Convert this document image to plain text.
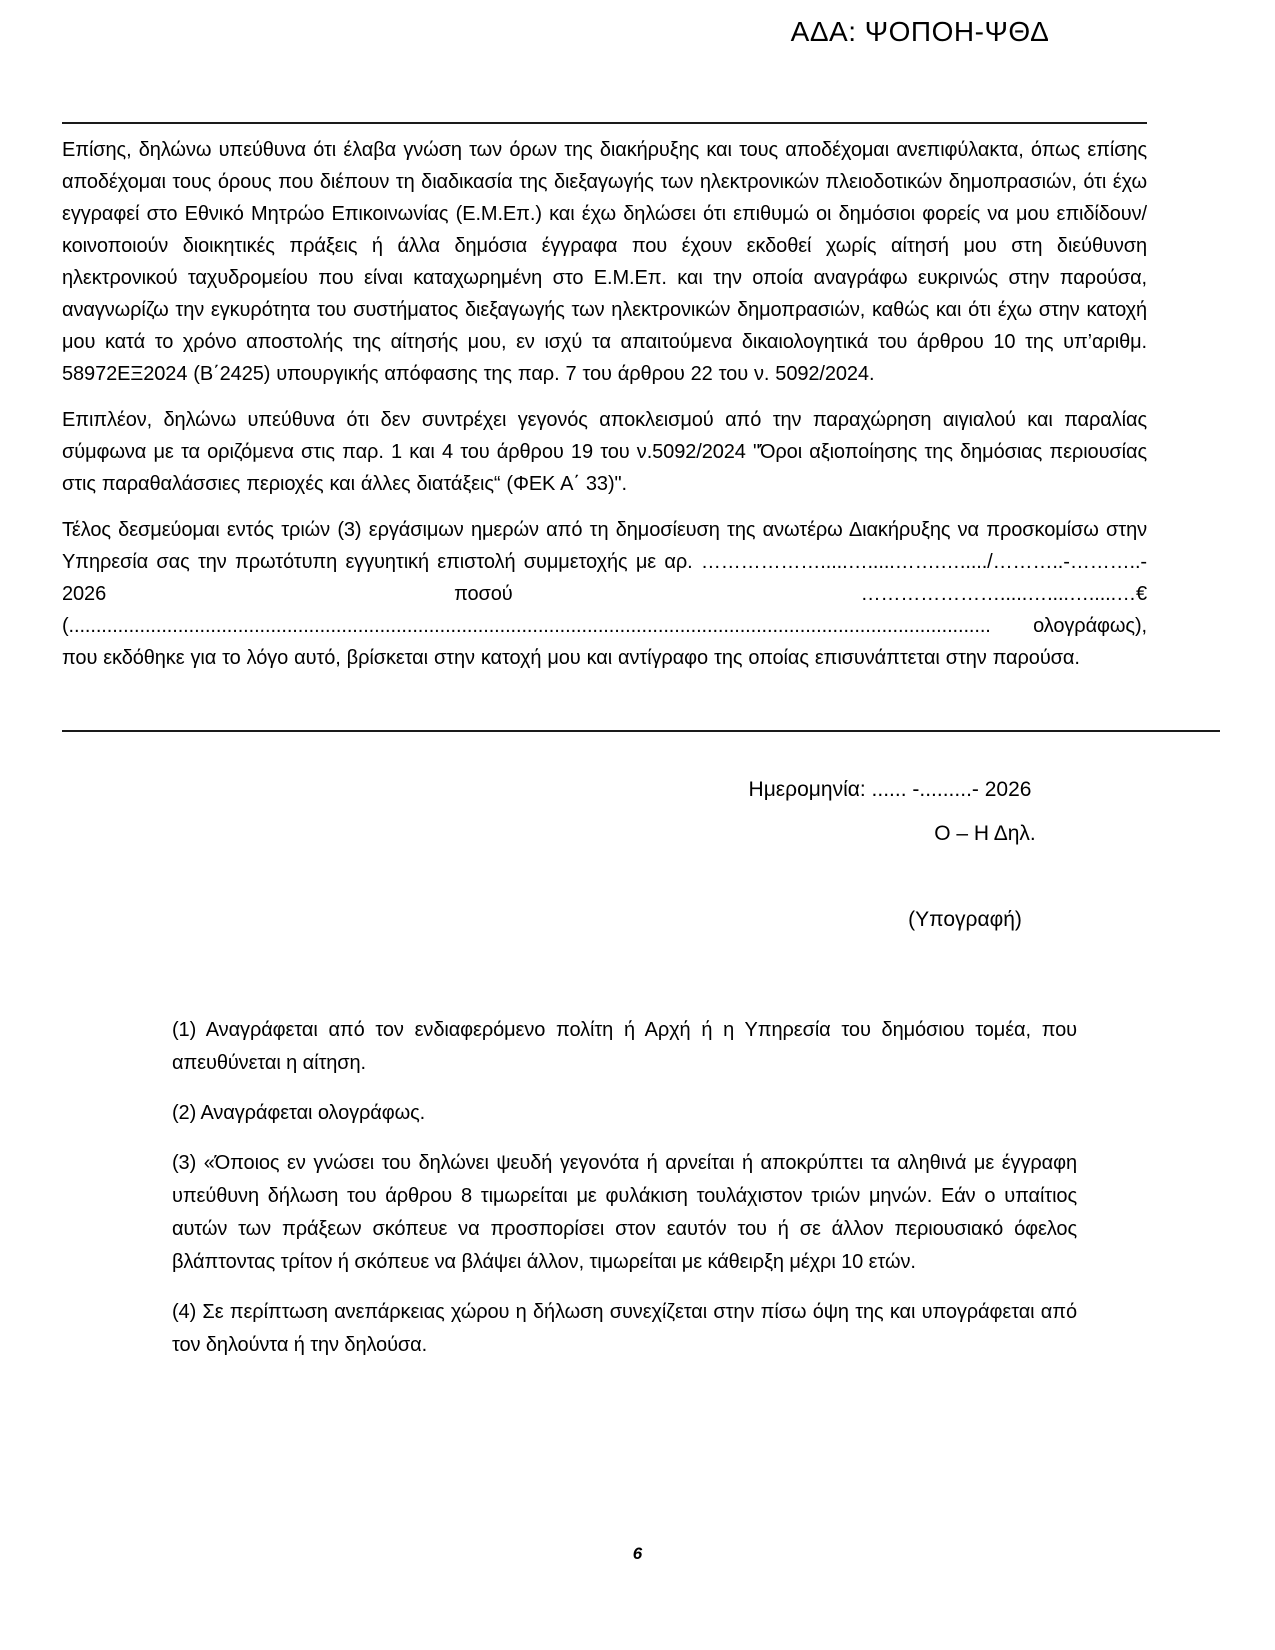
ΑΔΑ: ΨΟΠΟΗ-ΨΘΔ

Επίσης, δηλώνω υπεύθυνα ότι έλαβα γνώση των όρων της διακήρυξης και τους αποδέχομαι ανεπιφύλακτα, όπως επίσης αποδέχομαι τους όρους που διέπουν τη διαδικασία της διεξαγωγής των ηλεκτρονικών πλειοδοτικών δημοπρασιών, ότι έχω εγγραφεί στο Εθνικό Μητρώο Επικοινωνίας (Ε.Μ.Επ.) και έχω δηλώσει ότι επιθυμώ οι δημόσιοι φορείς να μου επιδίδουν/κοινοποιούν διοικητικές πράξεις ή άλλα δημόσια έγγραφα που έχουν εκδοθεί χωρίς αίτησή μου στη διεύθυνση ηλεκτρονικού ταχυδρομείου που είναι καταχωρημένη στο Ε.Μ.Επ. και την οποία αναγράφω ευκρινώς στην παρούσα, αναγνωρίζω την εγκυρότητα του συστήματος διεξαγωγής των ηλεκτρονικών δημοπρασιών, καθώς και ότι έχω στην κατοχή μου κατά το χρόνο αποστολής της αίτησής μου, εν ισχύ τα απαιτούμενα δικαιολογητικά του άρθρου 10 της υπ’αριθμ. 58972ΕΞ2024 (Β΄2425) υπουργικής απόφασης της παρ. 7 του άρθρου 22 του ν. 5092/2024.

Επιπλέον, δηλώνω υπεύθυνα ότι δεν συντρέχει γεγονός αποκλεισμού από την παραχώρηση αιγιαλού και παραλίας σύμφωνα με τα οριζόμενα στις παρ. 1 και 4 του άρθρου 19 του ν.5092/2024 "Όροι αξιοποίησης της δημόσιας περιουσίας στις παραθαλάσσιες περιοχές και άλλες διατάξεις“ (ΦΕΚ Α΄ 33)".

Τέλος δεσμεύομαι εντός τριών (3) εργάσιμων ημερών από τη δημοσίευση της ανωτέρω Διακήρυξης να προσκομίσω στην Υπηρεσία σας την πρωτότυπη εγγυητική επιστολή συμμετοχής με αρ. ……………….....….....…….…...../………..-………..- 2026 ποσού ………………….....…....….....…€ (......................................................................................................................................................................... ολογράφως), που εκδόθηκε για το λόγο αυτό, βρίσκεται στην κατοχή μου και αντίγραφο της οποίας επισυνάπτεται στην παρούσα.

Ημερομηνία: ...... -.........- 2026
Ο – Η Δηλ.
(Υπογραφή)

(1) Αναγράφεται από τον ενδιαφερόμενο πολίτη ή Αρχή ή η Υπηρεσία του δημόσιου τομέα, που απευθύνεται η αίτηση.

(2) Αναγράφεται ολογράφως.

(3) «Όποιος εν γνώσει του δηλώνει ψευδή γεγονότα ή αρνείται ή αποκρύπτει τα αληθινά με έγγραφη υπεύθυνη δήλωση του άρθρου 8 τιμωρείται με φυλάκιση τουλάχιστον τριών μηνών. Εάν ο υπαίτιος αυτών των πράξεων σκόπευε να προσπορίσει στον εαυτόν του ή σε άλλον περιουσιακό όφελος βλάπτοντας τρίτον ή σκόπευε να βλάψει άλλον, τιμωρείται με κάθειρξη μέχρι 10 ετών.

(4) Σε περίπτωση ανεπάρκειας χώρου η δήλωση συνεχίζεται στην πίσω όψη της και υπογράφεται από τον δηλούντα ή την δηλούσα.

6
